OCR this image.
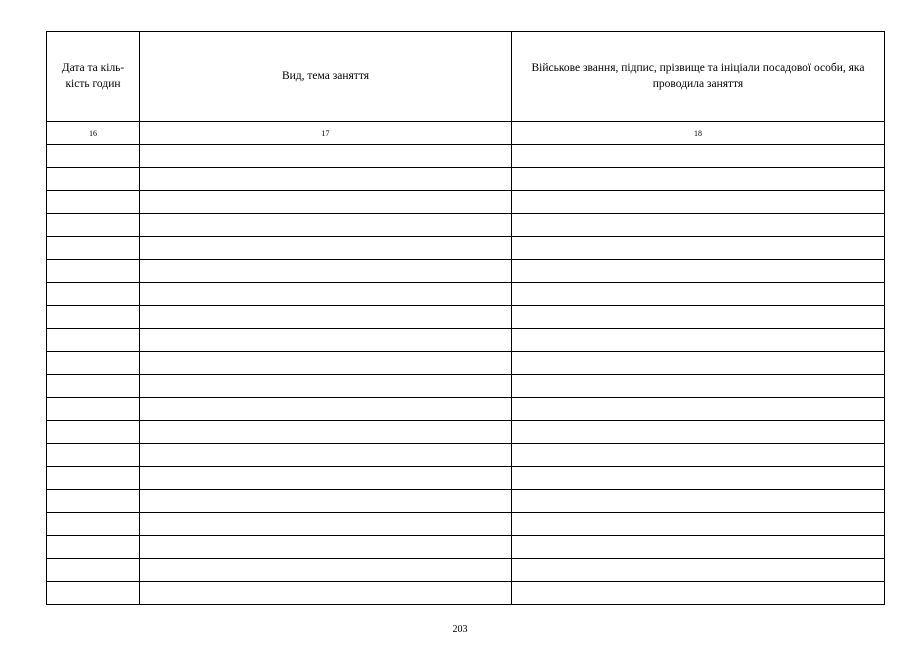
Дата та кіль-
кість годин	Вид, тема заняття	Військове звання, підпис, прізвище та ініціали посадової особи, яка проводила заняття

16	17	18

203
